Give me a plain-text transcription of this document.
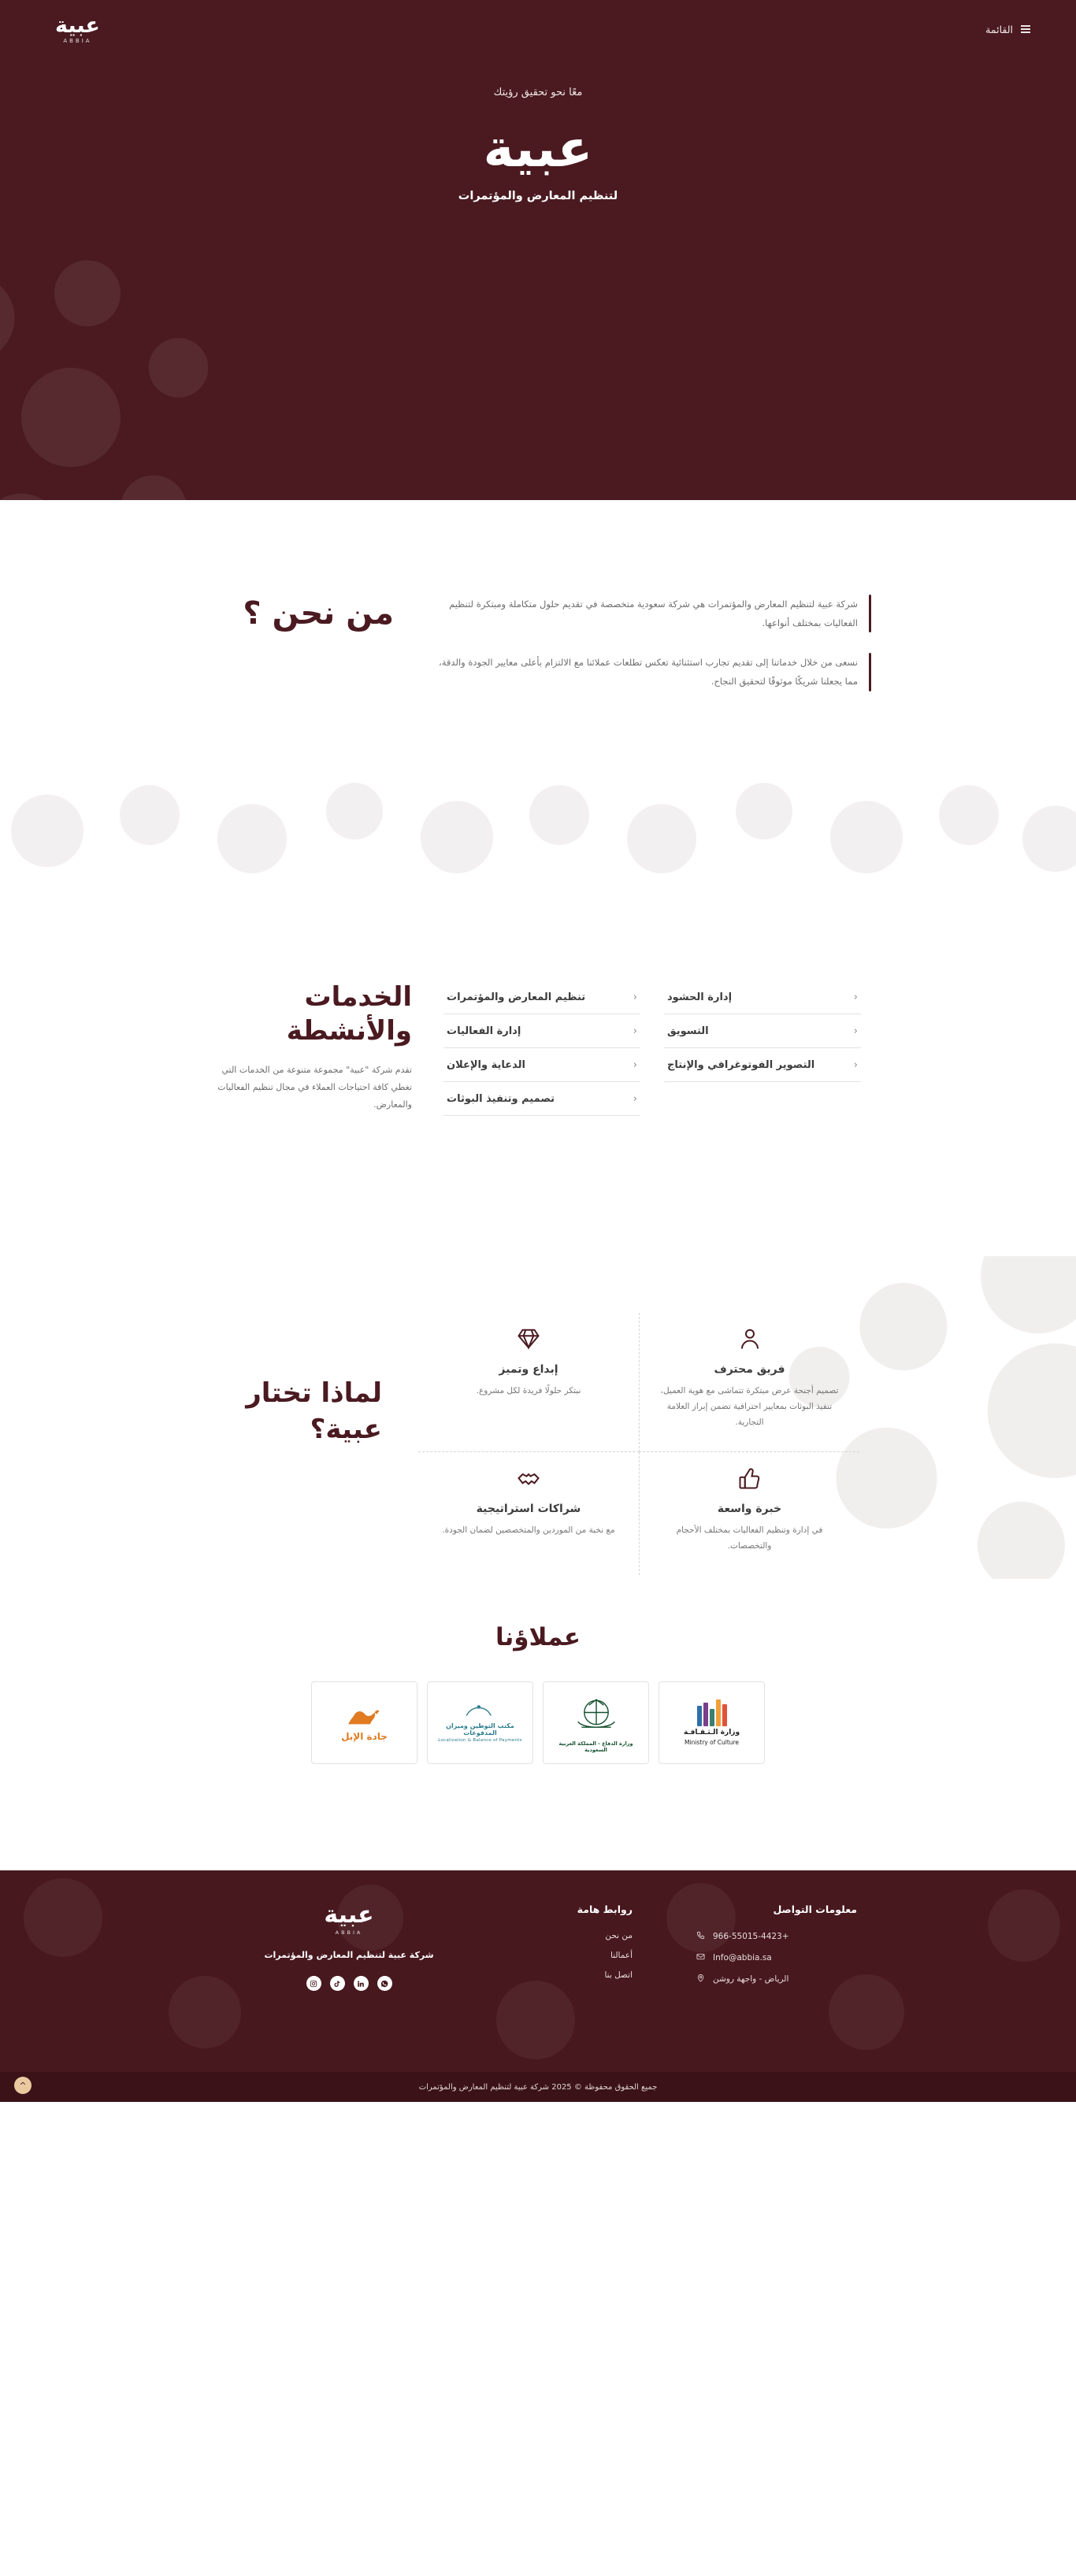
القائمة
عبية
ABBIA
معًا نحو تحقيق رؤيتك
عبية
لتنظيم المعارض والمؤتمرات
شركة عبية لتنظيم المعارض والمؤتمرات هي شركة سعودية متخصصة في تقديم حلول متكاملة ومبتكرة لتنظيم الفعاليات بمختلف أنواعها.
نسعى من خلال خدماتنا إلى تقديم تجارب استثنائية تعكس تطلعات عملائنا مع الالتزام بأعلى معايير الجودة والدقة، مما يجعلنا شريكًا موثوقًا لتحقيق النجاح.
من نحن ؟
‹
إدارة الحشود
‹
التسويق
‹
التصوير الفوتوغرافي والإنتاج
‹
تنظيم المعارض والمؤتمرات
‹
إدارة الفعاليات
‹
الدعاية والإعلان
‹
تصميم وتنفيذ البوثات
الخدمات والأنشطة
تقدم شركة "عبية" مجموعة متنوعة من الخدمات التي تغطي كافة احتياجات العملاء في مجال تنظيم الفعاليات والمعارض.
فريق محترف
تصميم أجنحة عرض مبتكرة تتماشى مع هوية العميل، تنفيذ البوثات بمعايير احترافية تضمن إبراز العلامة التجارية.
إبداع وتميز
نبتكر حلولًا فريدة لكل مشروع.
خبرة واسعة
في إدارة وتنظيم الفعاليات بمختلف الأحجام والتخصصات.
شراكات استراتيجية
مع نخبة من الموردين والمتخصصين لضمان الجودة.
لماذا تختار عبية؟
عملاؤنا
وزارة الـثـقـافـة
Ministry of Culture
وزارة الدفاع - المملكة العربية السعودية
مكتب التوطين وميزان المدفوعات
Localization & Balance of Payments
جادة الإبل
معلومات التواصل
+966-55015-4423
Info@abbia.sa
الرياض - واجهة روشن
روابط هامة
من نحن
أعمالنا
اتصل بنا
عبية
ABBIA
شركة عبية لتنظيم المعارض والمؤتمرات
جميع الحقوق محفوظة © 2025 شركة عبية لتنظيم المعارض والمؤتمرات
^
